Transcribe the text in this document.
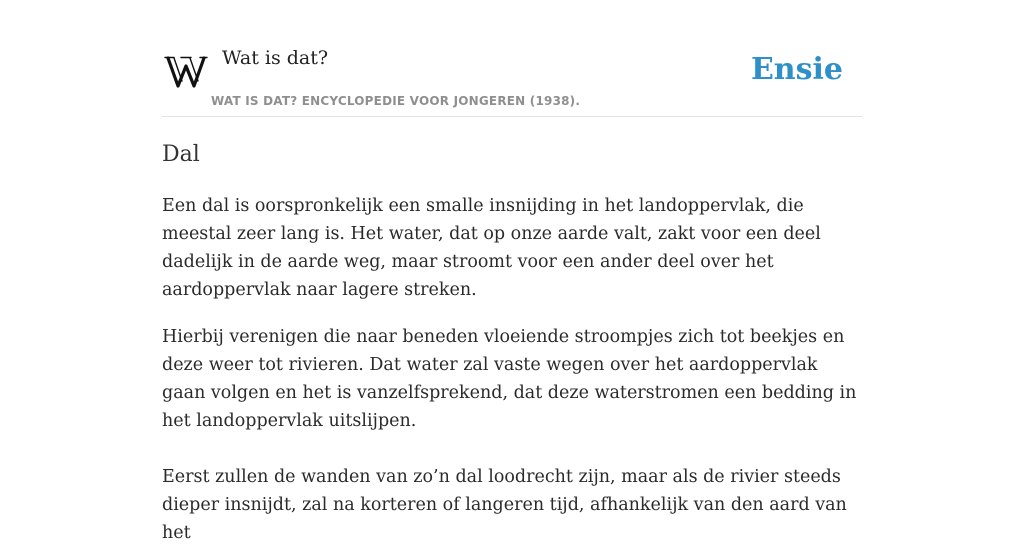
Wat is dat?
WAT IS DAT? ENCYCLOPEDIE VOOR JONGEREN (1938).
Ensie
Dal

Een dal is oorspronkelijk een smalle insnijding in het landoppervlak, die meestal zeer lang is. Het water, dat op onze aarde valt, zakt voor een deel dadelijk in de aarde weg, maar stroomt voor een ander deel over het aardoppervlak naar lagere streken.

Hierbij verenigen die naar beneden vloeiende stroompjes zich tot beekjes en deze weer tot rivieren. Dat water zal vaste wegen over het aardoppervlak gaan volgen en het is vanzelfsprekend, dat deze waterstromen een bedding in het landoppervlak uitslijpen.

Eerst zullen de wanden van zo’n dal loodrecht zijn, maar als de rivier steeds dieper insnijdt, zal na korteren of langeren tijd, afhankelijk van den aard van het
